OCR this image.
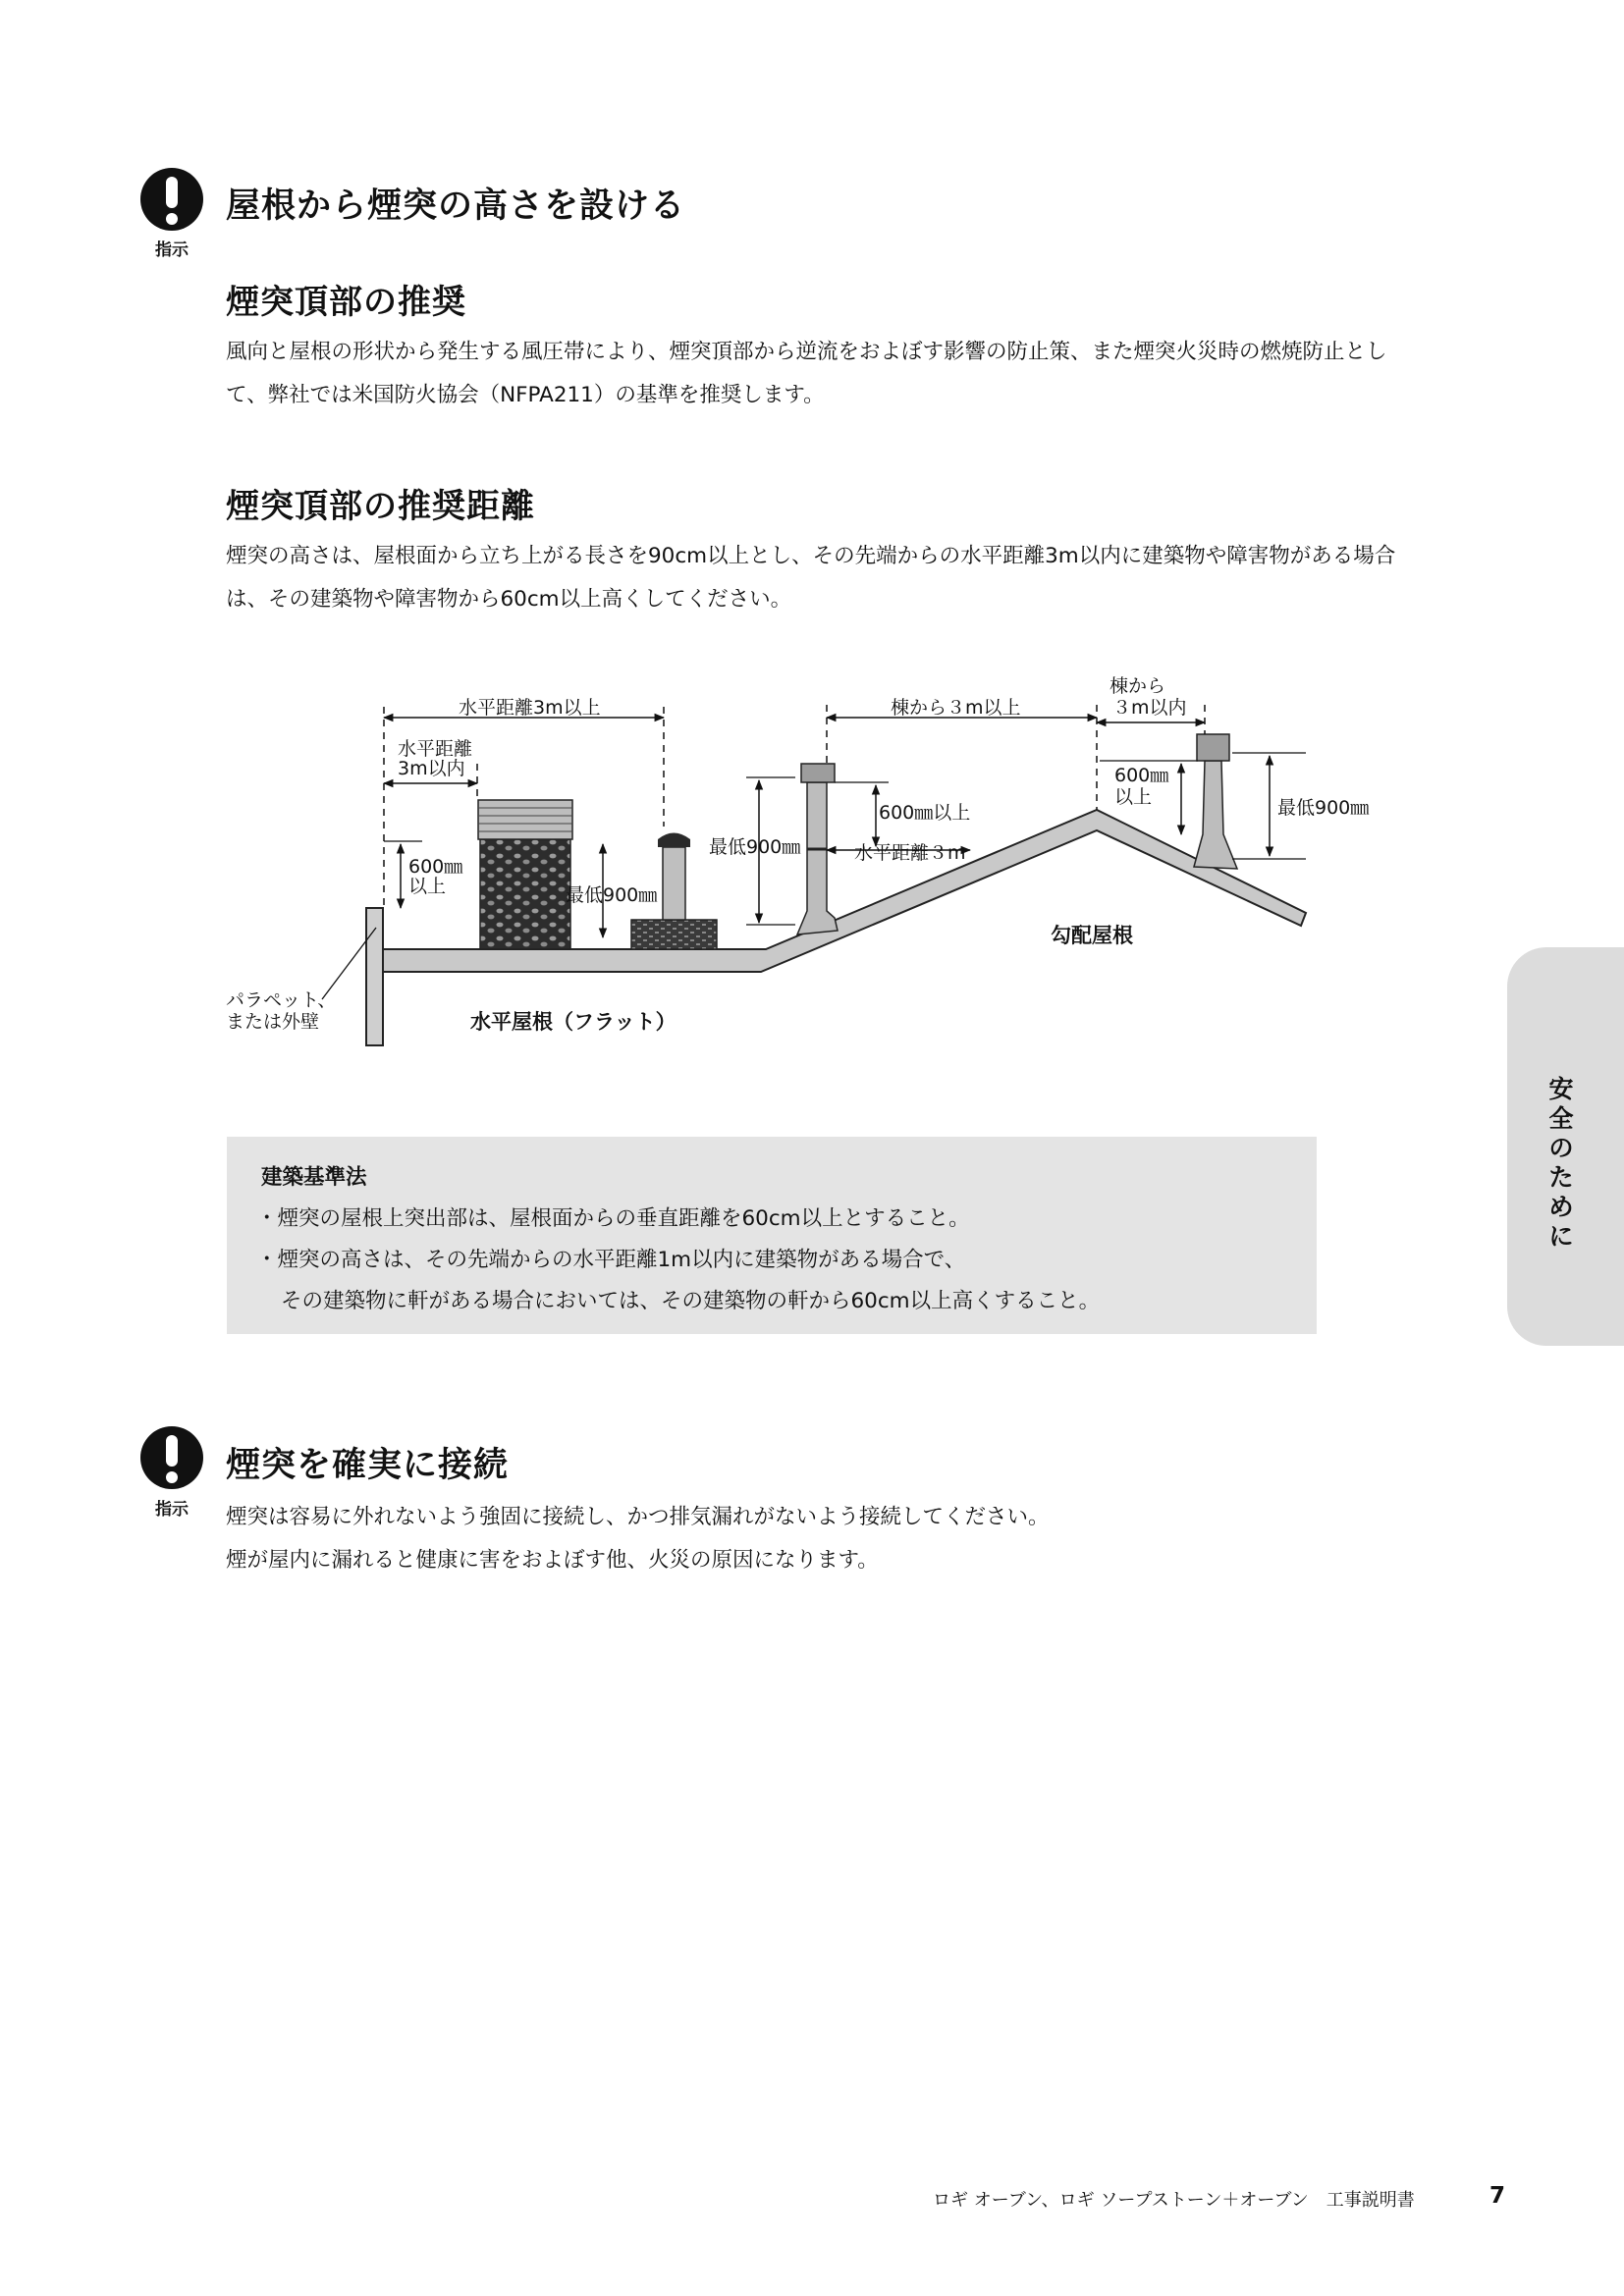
指示
屋根から煙突の高さを設ける
煙突頂部の推奨

風向と屋根の形状から発生する風圧帯により、煙突頂部から逆流をおよぼす影響の防止策、また煙突火災時の燃焼防止とし

て、弊社では米国防火協会（NFPA211）の基準を推奨します。

煙突頂部の推奨距離

煙突の高さは、屋根面から立ち上がる長さを90cm以上とし、その先端からの水平距離3m以内に建築物や障害物がある場合

は、その建築物や障害物から60cm以上高くしてください。

水平距離3m以上
水平距離
3m以内
600㎜
以上	最低900㎜
最低900㎜
600㎜以上
水平距離３m
棟から３m以上
棟から
３m以内
600㎜
以上	最低900㎜
パラペット、
または外壁	水平屋根（フラット）
勾配屋根
建築基準法
・煙突の屋根上突出部は、屋根面からの垂直距離を60cm以上とすること。
・煙突の高さは、その先端からの水平距離1m以内に建築物がある場合で、
その建築物に軒がある場合においては、その建築物の軒から60cm以上高くすること。
指示
煙突を確実に接続

煙突は容易に外れないよう強固に接続し、かつ排気漏れがないよう接続してください。

煙が屋内に漏れると健康に害をおよぼす他、火災の原因になります。

安全のために
ロギ オーブン、ロギ ソープストーン＋オーブン　工事説明書	7
